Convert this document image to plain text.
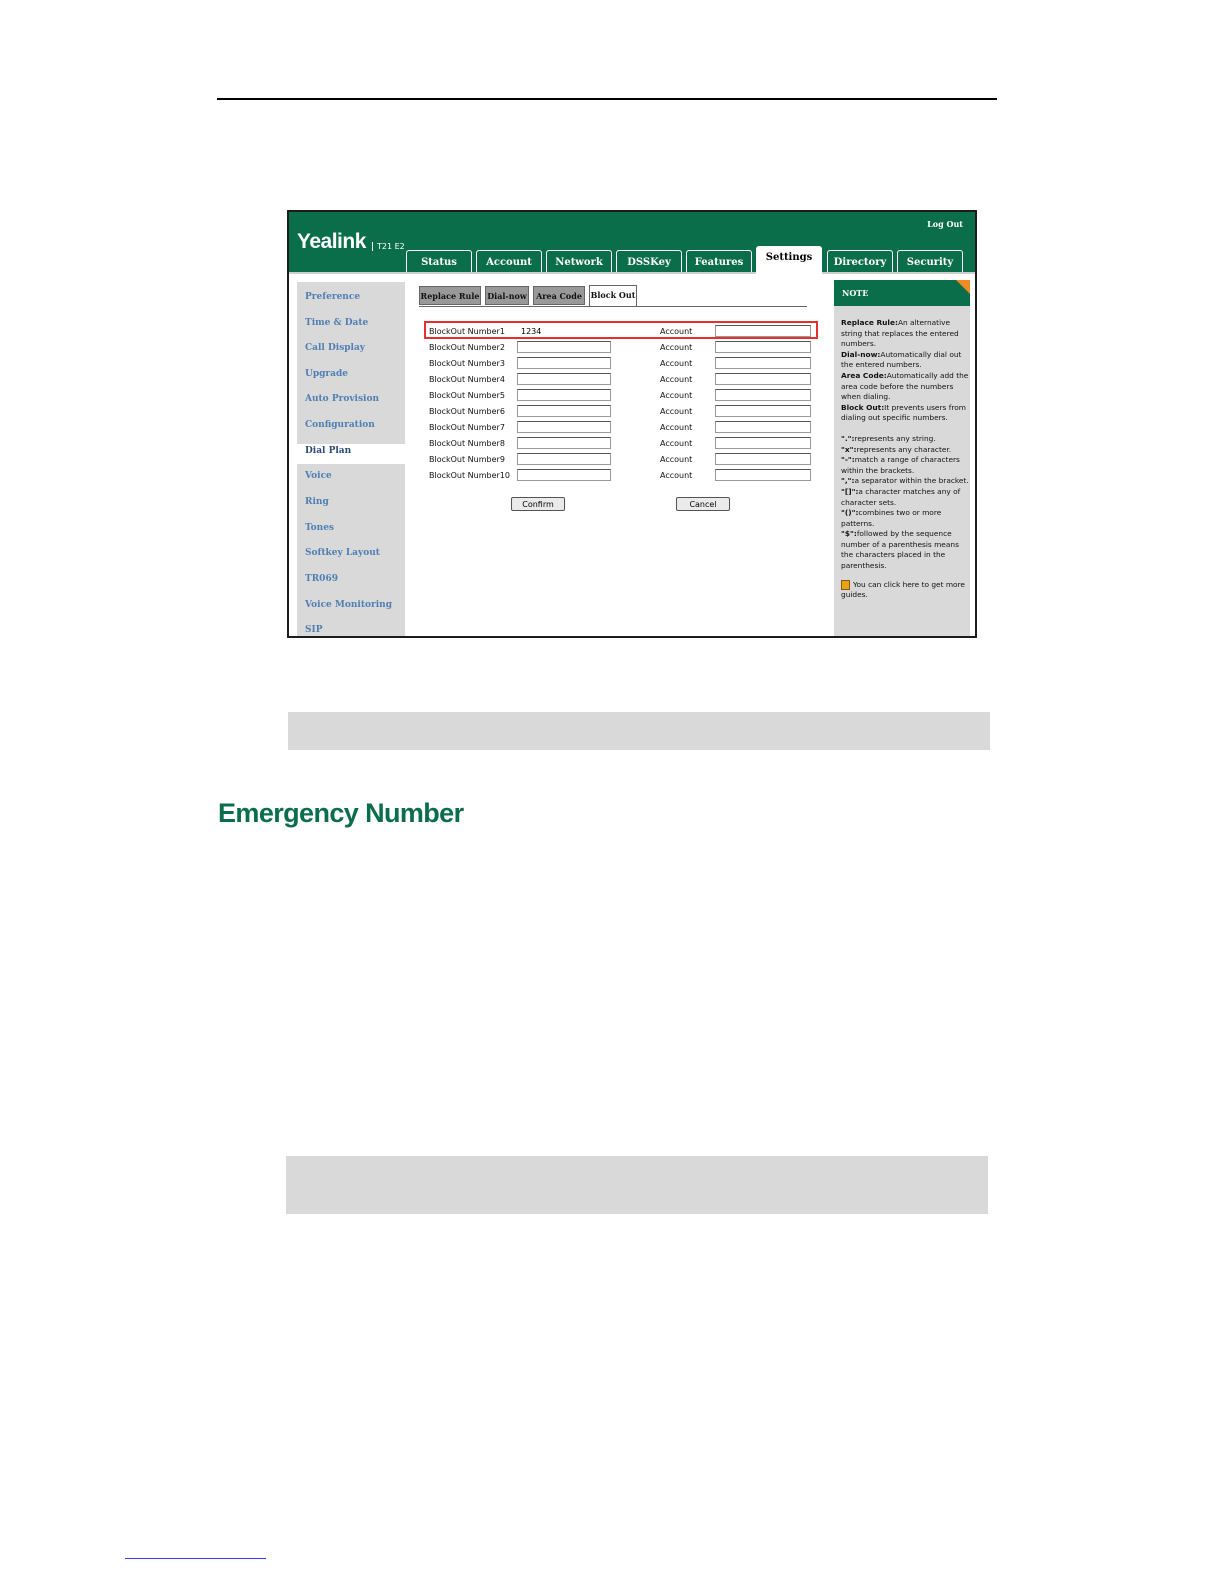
Yealink	T21 E2
Log Out
Status	Account	Network	DSSKey	Features	Settings	Directory	Security
Preference
Time & Date
Call Display
Upgrade
Auto Provision
Configuration
Dial Plan
Voice
Ring
Tones
Softkey Layout
TR069
Voice Monitoring
SIP
Replace Rule Dial-now	Area Code	Block Out
BlockOut Number1	1234	Account
BlockOut Number2	Account
BlockOut Number3	Account
BlockOut Number4	Account
BlockOut Number5	Account
BlockOut Number6	Account
BlockOut Number7	Account
BlockOut Number8	Account
BlockOut Number9	Account
BlockOut Number10	Account
Confirm	Cancel
NOTE

Replace Rule:An alternative string that replaces the entered numbers.

Dial-now:Automatically dial out the entered numbers.

Area Code:Automatically add the area code before the numbers when dialing.

Block Out:It prevents users from dialing out specific numbers.

".":represents any string.

"x":represents any character.

"-":match a range of characters within the brackets.

",":a separator within the bracket.

"[]":a character matches any of character sets.

"()":combines two or more patterns.

"$":followed by the sequence number of a parenthesis means the characters placed in the parenthesis.

You can click here to get more guides.

Emergency Number
